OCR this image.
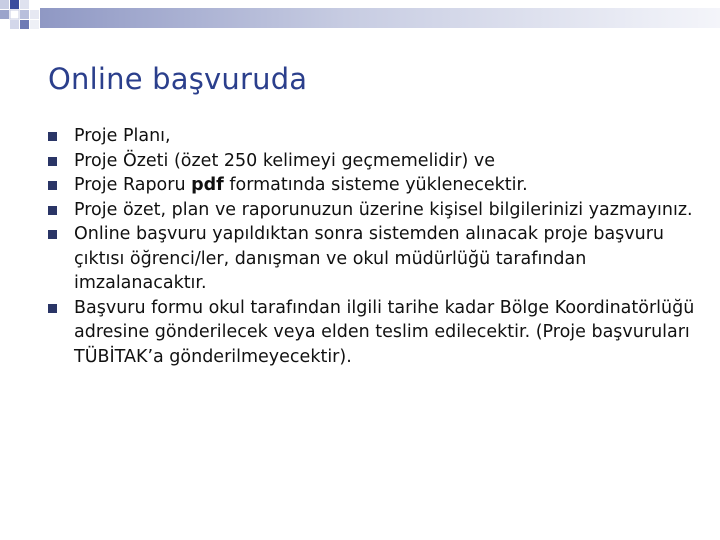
Online başvuruda
Proje Planı,
Proje Özeti (özet 250 kelimeyi geçmemelidir) ve
Proje Raporu pdf formatında sisteme yüklenecektir.
Proje özet, plan ve raporunuzun üzerine kişisel bilgilerinizi yazmayınız.
Online başvuru yapıldıktan sonra sistemden alınacak proje başvuru çıktısı öğrenci/ler, danışman ve okul müdürlüğü tarafından imzalanacaktır.
Başvuru formu okul tarafından ilgili tarihe kadar Bölge Koordinatörlüğü adresine gönderilecek veya elden teslim edilecektir. (Proje başvuruları TÜBİTAK’a gönderilmeyecektir).
